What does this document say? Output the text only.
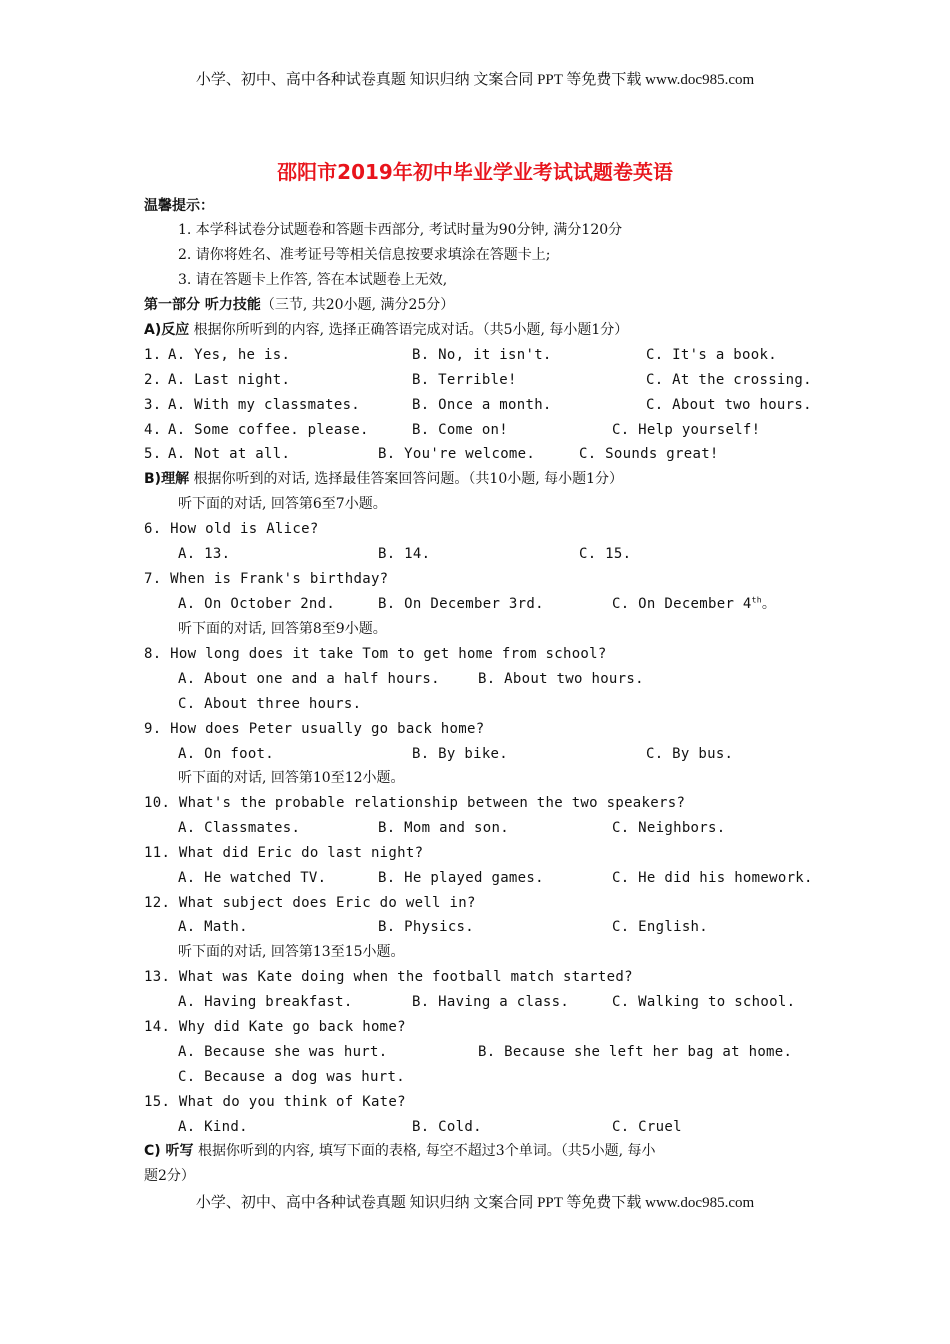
小学、初中、高中各种试卷真题 知识归纳 文案合同 PPT 等免费下载 www.doc985.com
邵阳市2019年初中毕业学业考试试题卷英语
温馨提示：
1. 本学科试卷分试题卷和答题卡西部分, 考试时量为90分钟, 满分120分
2. 请你将姓名、准考证号等相关信息按要求填涂在答题卡上;
3. 请在答题卡上作答, 答在本试题卷上无效,
第一部分 听力技能（三节, 共20小题, 满分25分）
A)反应 根据你所听到的内容, 选择正确答语完成对话。（共5小题, 每小题1分）
1. A. Yes, he is.	B. No, it isn't.	C. It's a book.
2. A. Last night.	B. Terrible!	C. At the crossing.
3. A. With my classmates.	B. Once a month.	C. About two hours.
4. A. Some coffee. please.	B. Come on!	C. Help yourself!
5. A. Not at all.	B. You're welcome.	C. Sounds great!
B)理解 根据你听到的对话, 选择最佳答案回答问题。（共10小题, 每小题1分）
听下面的对话, 回答第6至7小题。
6. How old is Alice?
A. 13.	B. 14.	C. 15.
7. When is Frank's birthday?
A. On October 2nd.	B. On December 3rd.	C. On December 4th。
听下面的对话, 回答第8至9小题。
8. How long does it take Tom to get home from school?
A. About one and a half hours.	B. About two hours.
C. About three hours.
9. How does Peter usually go back home?
A. On foot.	B. By bike.	C. By bus.
听下面的对话, 回答第10至12小题。
10. What's the probable relationship between the two speakers?
A. Classmates.	B. Mom and son.	C. Neighbors.
11. What did Eric do last night?
A. He watched TV.	B. He played games.	C. He did his homework.
12. What subject does Eric do well in?
A. Math.	B. Physics.	C. English.
听下面的对话, 回答第13至15小题。
13. What was Kate doing when the football match started?
A. Having breakfast.	B. Having a class.	C. Walking to school.
14. Why did Kate go back home?
A. Because she was hurt.	B. Because she left her bag at home.
C. Because a dog was hurt.
15. What do you think of Kate?
A. Kind.	B. Cold.	C. Cruel
C) 听写 根据你听到的内容, 填写下面的表格, 每空不超过3个单词。（共5小题, 每小
题2分）
小学、初中、高中各种试卷真题 知识归纳 文案合同 PPT 等免费下载 www.doc985.com
